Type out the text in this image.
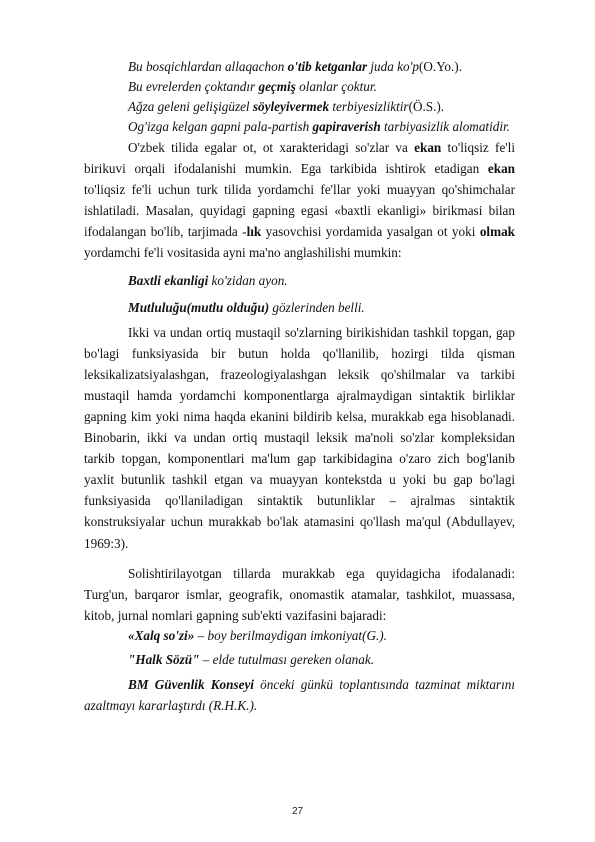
Bu bosqichlardan allaqachon o'tib ketganlar juda ko'p(O.Yo.).
Bu evrelerden çoktandır geçmiş olanlar çoktur.
Ağza geleni gelişigüzel söyleyivermek terbiyesizliktir(Ö.S.).
Og'izga kelgan gapni pala-partish gapiraverish tarbiyasizlik alomatidir.

O'zbek tilida egalar ot, ot xarakteridagi so'zlar va ekan to'liqsiz fe'li birikuvi orqali ifodalanishi mumkin. Ega tarkibida ishtirok etadigan ekan to'liqsiz fe'li uchun turk tilida yordamchi fe'llar yoki muayyan qo'shimchalar ishlatiladi. Masalan, quyidagi gapning egasi «baxtli ekanligi» birikmasi bilan ifodalangan bo'lib, tarjimada -lık yasovchisi yordamida yasalgan ot yoki olmak yordamchi fe'li vositasida ayni ma'no anglashilishi mumkin:

Baxtli ekanligi ko'zidan ayon.
Mutluluğu(mutlu olduğu) gözlerinden belli.

Ikki va undan ortiq mustaqil so'zlarning birikishidan tashkil topgan, gap bo'lagi funksiyasida bir butun holda qo'llanilib, hozirgi tilda qisman leksikalizatsiyalashgan, frazeologiyalashgan leksik qo'shilmalar va tarkibi mustaqil hamda yordamchi komponentlarga ajralmaydigan sintaktik birliklar gapning kim yoki nima haqda ekanini bildirib kelsa, murakkab ega hisoblanadi. Binobarin, ikki va undan ortiq mustaqil leksik ma'noli so'zlar kompleksidan tarkib topgan, komponentlari ma'lum gap tarkibidagina o'zaro zich bog'lanib yaxlit butunlik tashkil etgan va muayyan kontekstda u yoki bu gap bo'lagi funksiyasida qo'llaniladigan sintaktik butunliklar – ajralmas sintaktik konstruksiyalar uchun murakkab bo'lak atamasini qo'llash ma'qul (Abdullayev, 1969:3).

Solishtirilayotgan tillarda murakkab ega quyidagicha ifodalanadi: Turg'un, barqaror ismlar, geografik, onomastik atamalar, tashkilot, muassasa, kitob, jurnal nomlari gapning sub'ekti vazifasini bajaradi:

«Xalq so'zi» – boy berilmaydigan imkoniyat(G.).
"Halk Sözü" – elde tutulması gereken olanak.

BM Güvenlik Konseyi önceki günkü toplantısında tazminat miktarını azaltmayı kararlaştırdı (R.H.K.).

27
